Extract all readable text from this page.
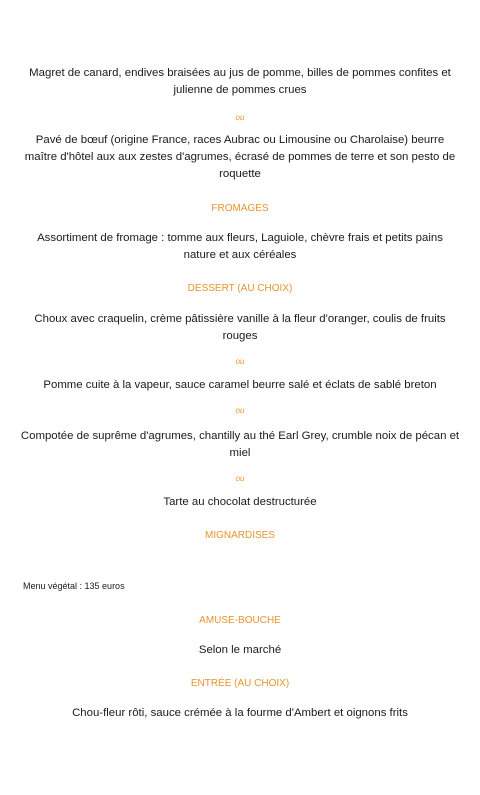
Magret de canard, endives braisées au jus de pomme, billes de pommes confites et julienne de pommes crues
ou
Pavé de bœuf (origine France, races Aubrac ou Limousine ou Charolaise) beurre maître d'hôtel aux aux zestes d'agrumes, écrasé de pommes de terre et son pesto de roquette
FROMAGES
Assortiment de fromage : tomme aux fleurs, Laguiole, chèvre frais et petits pains nature et aux céréales
DESSERT (AU CHOIX)
Choux avec craquelin, crème pâtissière vanille à la fleur d'oranger, coulis de fruits rouges
ou
Pomme cuite à la vapeur, sauce caramel beurre salé et éclats de sablé breton
ou
Compotée de suprême d'agrumes, chantilly au thé Earl Grey, crumble noix de pécan et miel
ou
Tarte au chocolat destructurée
MIGNARDISES
Menu végétal : 135 euros
AMUSE-BOUCHE
Selon le marché
ENTRÉE (AU CHOIX)
Chou-fleur rôti, sauce crémée à la fourme d'Ambert et oignons frits
